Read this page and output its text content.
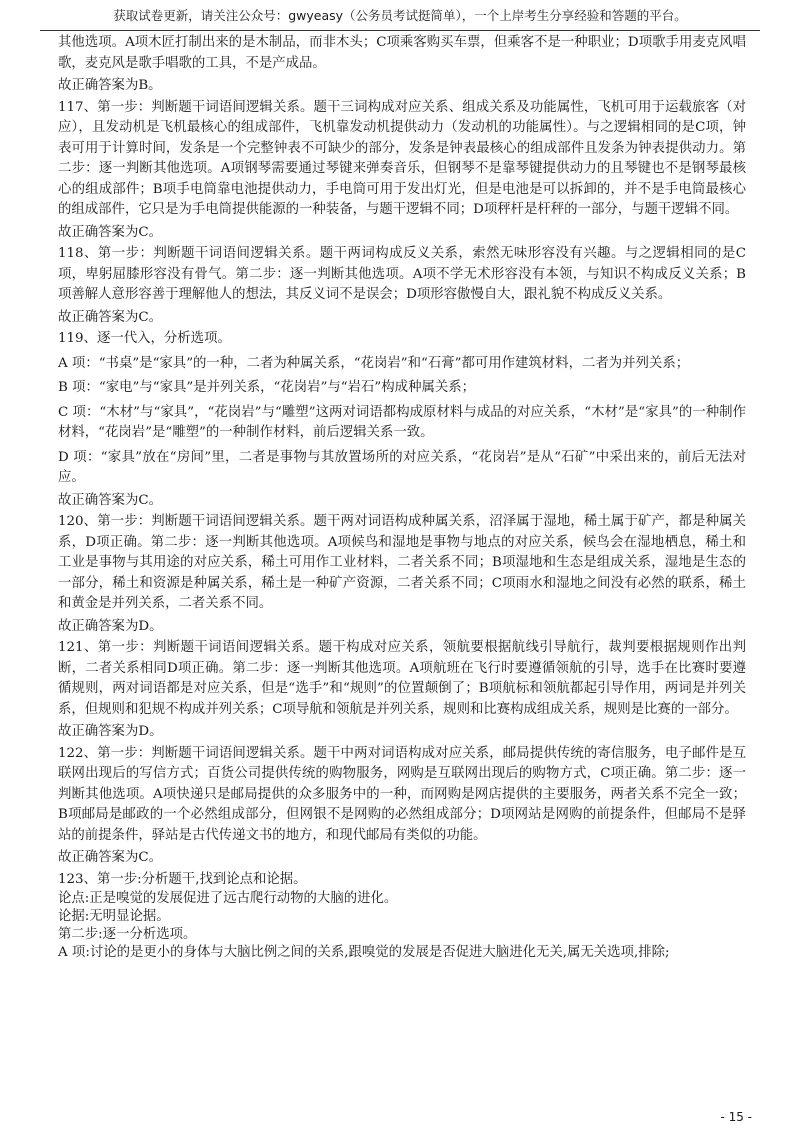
获取试卷更新，请关注公众号：gwyeasy（公务员考试挺简单），一个上岸考生分享经验和答题的平台。

其他选项。A项木匠打制出来的是木制品，而非木头；C项乘客购买车票，但乘客不是一种职业；D项歌手用麦克风唱歌，麦克风是歌手唱歌的工具，不是产成品。

故正确答案为B。

117、第一步：判断题干词语间逻辑关系。题干三词构成对应关系、组成关系及功能属性，飞机可用于运载旅客（对应），且发动机是飞机最核心的组成部件，飞机靠发动机提供动力（发动机的功能属性）。与之逻辑相同的是C项，钟表可用于计算时间，发条是一个完整钟表不可缺少的部分，发条是钟表最核心的组成部件且发条为钟表提供动力。第二步：逐一判断其他选项。A项钢琴需要通过琴键来弹奏音乐，但钢琴不是靠琴键提供动力的且琴键也不是钢琴最核心的组成部件；B项手电筒靠电池提供动力，手电筒可用于发出灯光，但是电池是可以拆卸的，并不是手电筒最核心的组成部件，它只是为手电筒提供能源的一种装备，与题干逻辑不同；D项秤杆是杆秤的一部分，与题干逻辑不同。

故正确答案为C。

118、第一步：判断题干词语间逻辑关系。题干两词构成反义关系，索然无味形容没有兴趣。与之逻辑相同的是C项，卑躬屈膝形容没有骨气。第二步：逐一判断其他选项。A项不学无术形容没有本领，与知识不构成反义关系；B项善解人意形容善于理解他人的想法，其反义词不是误会；D项形容傲慢自大，跟礼貌不构成反义关系。

故正确答案为C。

119、逐一代入，分析选项。

A 项：“书桌”是“家具”的一种，二者为种属关系，“花岗岩”和“石膏”都可用作建筑材料，二者为并列关系；

B 项：“家电”与“家具”是并列关系，“花岗岩”与“岩石”构成种属关系；

C 项：“木材”与“家具”，“花岗岩”与“雕塑”这两对词语都构成原材料与成品的对应关系，“木材”是“家具”的一种制作材料，“花岗岩”是“雕塑”的一种制作材料，前后逻辑关系一致。

D 项：“家具”放在“房间”里，二者是事物与其放置场所的对应关系，“花岗岩”是从“石矿”中采出来的，前后无法对应。

故正确答案为C。

120、第一步：判断题干词语间逻辑关系。题干两对词语构成种属关系，沼泽属于湿地，稀土属于矿产，都是种属关系，D项正确。第二步：逐一判断其他选项。A项候鸟和湿地是事物与地点的对应关系，候鸟会在湿地栖息，稀土和工业是事物与其用途的对应关系，稀土可用作工业材料，二者关系不同；B项湿地和生态是组成关系，湿地是生态的一部分，稀土和资源是种属关系，稀土是一种矿产资源，二者关系不同；C项雨水和湿地之间没有必然的联系，稀土和黄金是并列关系，二者关系不同。

故正确答案为D。

121、第一步：判断题干词语间逻辑关系。题干构成对应关系，领航要根据航线引导航行，裁判要根据规则作出判断，二者关系相同D项正确。第二步：逐一判断其他选项。A项航班在飞行时要遵循领航的引导，选手在比赛时要遵循规则，两对词语都是对应关系，但是“选手”和“规则”的位置颠倒了；B项航标和领航都起引导作用，两词是并列关系，但规则和犯规不构成并列关系；C项导航和领航是并列关系，规则和比赛构成组成关系，规则是比赛的一部分。

故正确答案为D。

122、第一步：判断题干词语间逻辑关系。题干中两对词语构成对应关系，邮局提供传统的寄信服务，电子邮件是互联网出现后的写信方式；百货公司提供传统的购物服务，网购是互联网出现后的购物方式，C项正确。第二步：逐一判断其他选项。A项快递只是邮局提供的众多服务中的一种，而网购是网店提供的主要服务，两者关系不完全一致；B项邮局是邮政的一个必然组成部分，但网银不是网购的必然组成部分；D项网站是网购的前提条件，但邮局不是驿站的前提条件，驿站是古代传递文书的地方，和现代邮局有类似的功能。

故正确答案为C。

123、第一步:分析题干,找到论点和论据。

论点:正是嗅觉的发展促进了远古爬行动物的大脑的进化。

论据:无明显论据。

第二步:逐一分析选项。

A 项:讨论的是更小的身体与大脑比例之间的关系,跟嗅觉的发展是否促进大脑进化无关,属无关选项,排除;

- 15 -
